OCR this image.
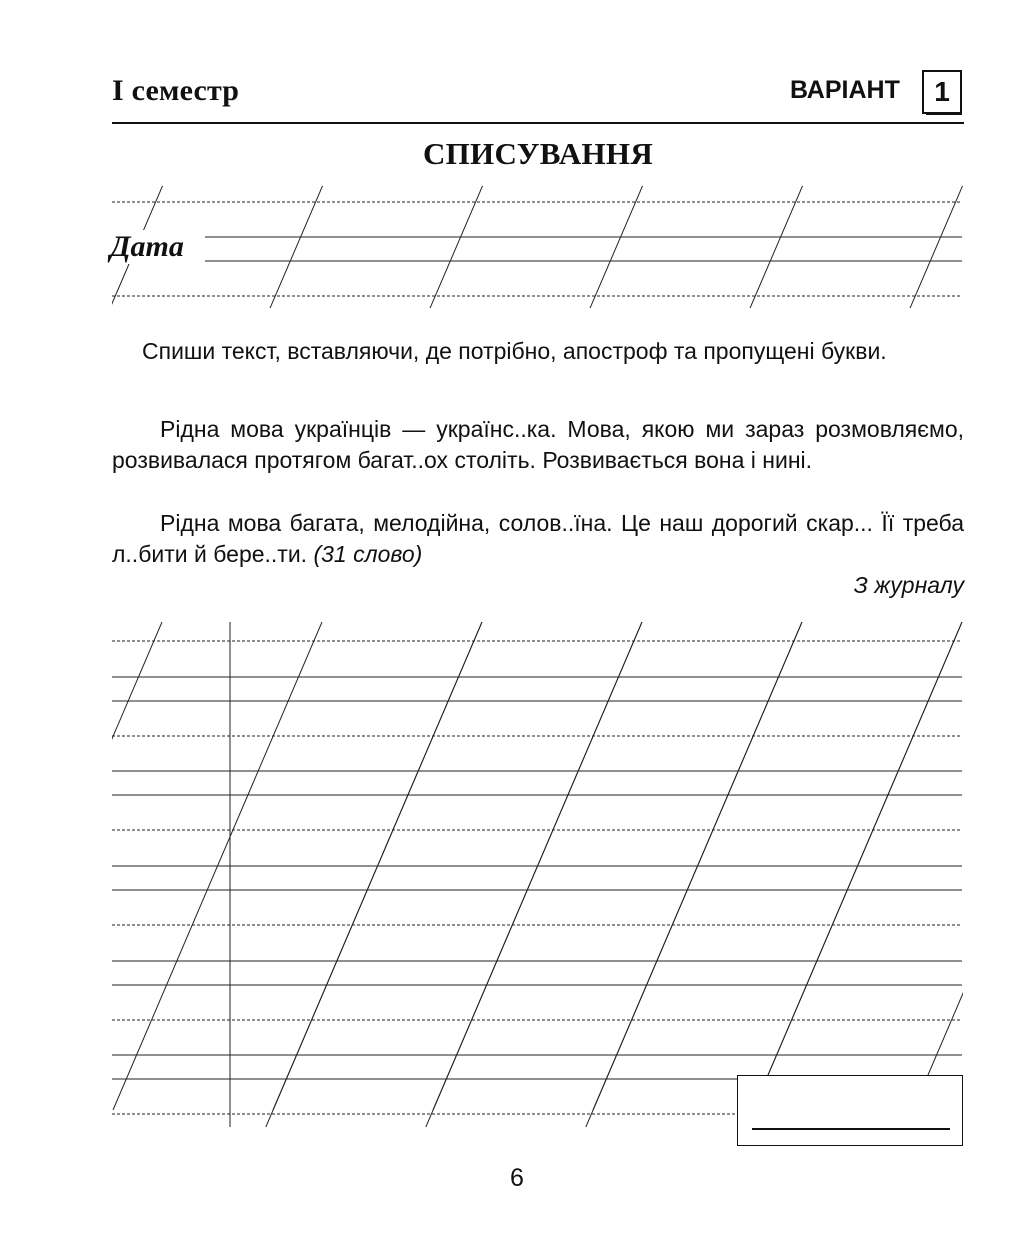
І семестр	ВАРІАНТ	1
СПИСУВАННЯ
Дата
Спиши текст, вставляючи, де потрібно, апостроф та пропущені букви.
Рідна мова українців — українс..ка. Мова, якою ми зараз розмовляємо, розвивалася протягом багат..ох століть. Розвивається вона і нині.
Рідна мова багата, мелодійна, солов..їна. Це наш дорогий скар... Її треба л..бити й бере..ти. (31 слово)
З журналу
6
